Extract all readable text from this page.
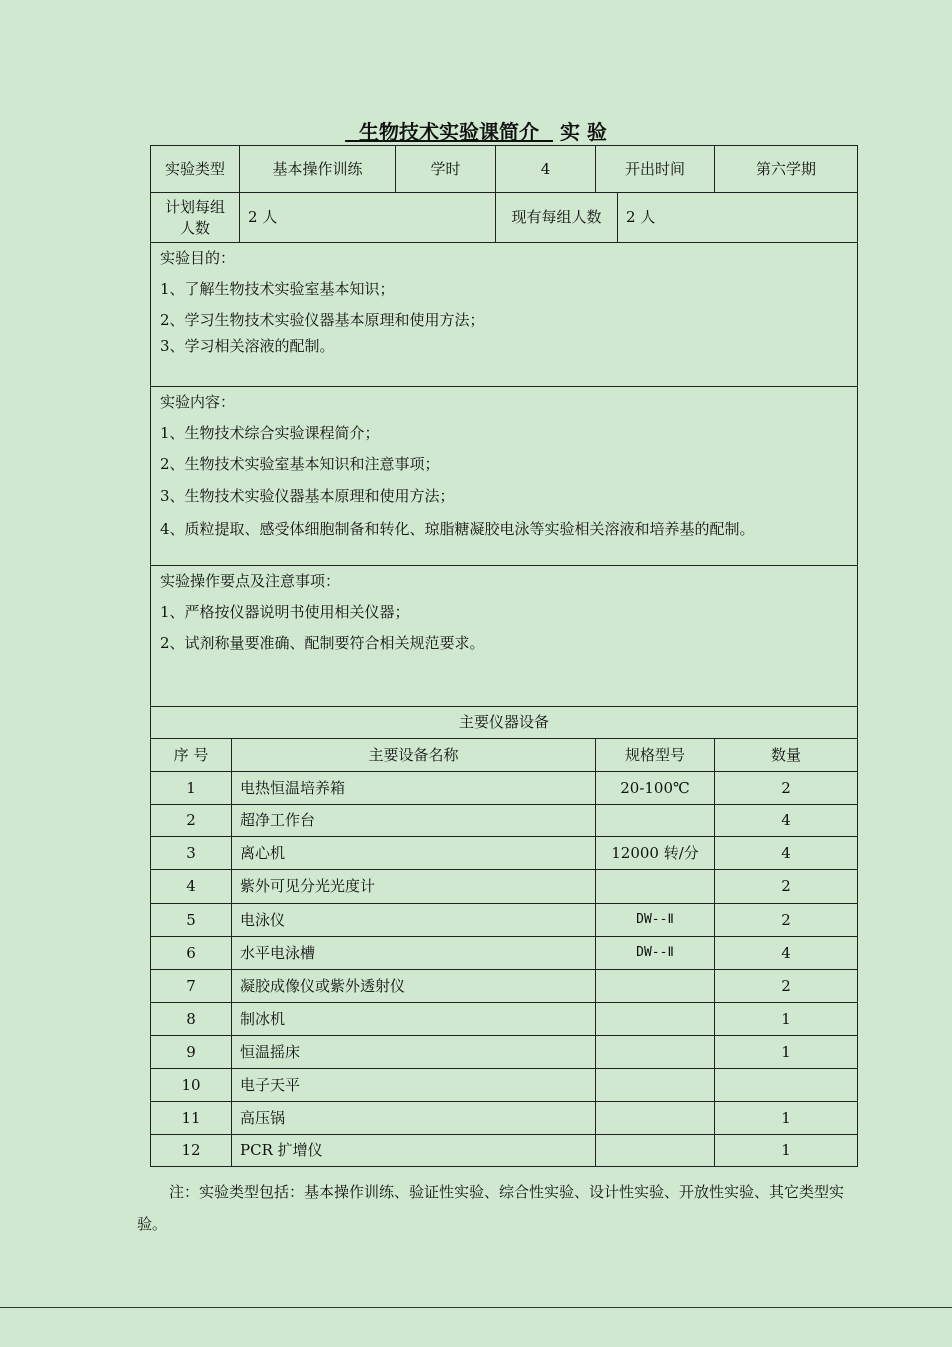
生物技术实验课简介 实 验
实验类型		基本操作训练	学时	4	开出时间		第六学期
计划每组人数		2 人		现有每组人数		2 人	

实验目的：
1、了解生物技术实验室基本知识；
2、学习生物技术实验仪器基本原理和使用方法；
3、学习相关溶液的配制。							

实验内容：
1、生物技术综合实验课程简介；
2、生物技术实验室基本知识和注意事项；
3、生物技术实验仪器基本原理和使用方法；
4、质粒提取、感受体细胞制备和转化、琼脂糖凝胶电泳等实验相关溶液和培养基的配制。							

实验操作要点及注意事项：
1、严格按仪器说明书使用相关仪器；
2、试剂称量要准确、配制要符合相关规范要求。							

主要仪器设备							
序 号	主要设备名称				规格型号		数量
1	电热恒温培养箱				20-100℃		2
2	超净工作台						4
3	离心机				12000 转/分		4
4	紫外可见分光光度计						2
5	电泳仪				DW--Ⅱ		2
6	水平电泳槽				DW--Ⅱ		4
7	凝胶成像仪或紫外透射仪						2
8	制冰机						1
9	恒温摇床						1
10	电子天平						
11	高压锅						1
12	PCR 扩增仪						1
注：实验类型包括：基本操作训练、验证性实验、综合性实验、设计性实验、开放性实验、其它类型实验。
